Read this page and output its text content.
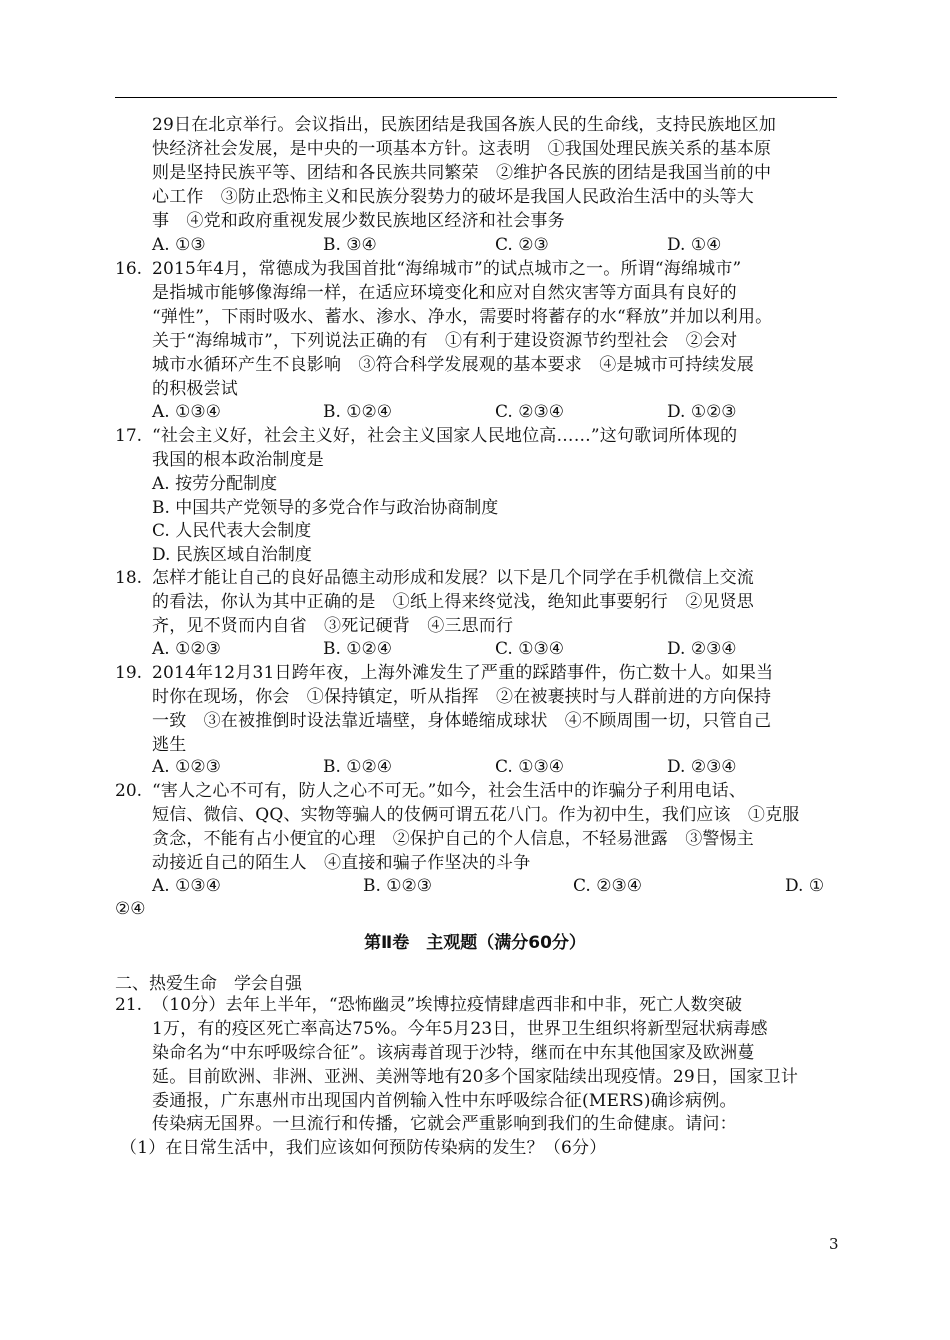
29日在北京举行。会议指出，民族团结是我国各族人民的生命线，支持民族地区加
快经济社会发展，是中央的一项基本方针。这表明　①我国处理民族关系的基本原
则是坚持民族平等、团结和各民族共同繁荣　②维护各民族的团结是我国当前的中
心工作　③防止恐怖主义和民族分裂势力的破坏是我国人民政治生活中的头等大
事　④党和政府重视发展少数民族地区经济和社会事务
A. ①③	B. ③④	C. ②③	D. ①④
16. 2015年4月，常德成为我国首批“海绵城市”的试点城市之一。所谓“海绵城市”
是指城市能够像海绵一样，在适应环境变化和应对自然灾害等方面具有良好的
“弹性”，下雨时吸水、蓄水、渗水、净水，需要时将蓄存的水“释放”并加以利用。
关于“海绵城市”，下列说法正确的有　①有利于建设资源节约型社会　②会对
城市水循环产生不良影响　③符合科学发展观的基本要求　④是城市可持续发展
的积极尝试
A. ①③④	B. ①②④	C. ②③④	D. ①②③
17. “社会主义好，社会主义好，社会主义国家人民地位高……”这句歌词所体现的
我国的根本政治制度是
A. 按劳分配制度
B. 中国共产党领导的多党合作与政治协商制度
C. 人民代表大会制度
D. 民族区域自治制度
18. 怎样才能让自己的良好品德主动形成和发展？以下是几个同学在手机微信上交流
的看法，你认为其中正确的是　①纸上得来终觉浅，绝知此事要躬行　②见贤思
齐，见不贤而内自省　③死记硬背　④三思而行
A. ①②③	B. ①②④	C. ①③④	D. ②③④
19. 2014年12月31日跨年夜，上海外滩发生了严重的踩踏事件，伤亡数十人。如果当
时你在现场，你会　①保持镇定，听从指挥　②在被裹挟时与人群前进的方向保持
一致　③在被推倒时设法靠近墙壁，身体蜷缩成球状　④不顾周围一切，只管自己
逃生
A. ①②③	B. ①②④	C. ①③④	D. ②③④
20. “害人之心不可有，防人之心不可无。”如今，社会生活中的诈骗分子利用电话、
短信、微信、QQ、实物等骗人的伎俩可谓五花八门。作为初中生，我们应该　①克服
贪念，不能有占小便宜的心理　②保护自己的个人信息，不轻易泄露　③警惕主
动接近自己的陌生人　④直接和骗子作坚决的斗争
A. ①③④	B. ①②③	C. ②③④	D. ①
②④
第Ⅱ卷　主观题（满分60分）
二、热爱生命　学会自强
21. （10分）去年上半年，“恐怖幽灵”埃博拉疫情肆虐西非和中非，死亡人数突破
1万，有的疫区死亡率高达75%。今年5月23日，世界卫生组织将新型冠状病毒感
染命名为“中东呼吸综合征”。该病毒首现于沙特，继而在中东其他国家及欧洲蔓
延。目前欧洲、非洲、亚洲、美洲等地有20多个国家陆续出现疫情。29日，国家卫计
委通报，广东惠州市出现国内首例输入性中东呼吸综合征(MERS)确诊病例。
传染病无国界。一旦流行和传播，它就会严重影响到我们的生命健康。请问：
（1）在日常生活中，我们应该如何预防传染病的发生？（6分）
3
